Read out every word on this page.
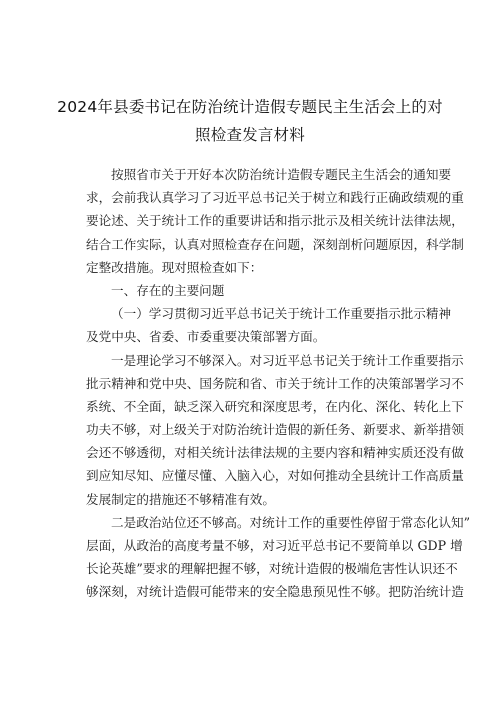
2024年县委书记在防治统计造假专题民主生活会上的对
照检查发言材料
按照省市关于开好本次防治统计造假专题民主生活会的通知要
求，会前我认真学习了习近平总书记关于树立和践行正确政绩观的重
要论述、关于统计工作的重要讲话和指示批示及相关统计法律法规，
结合工作实际，认真对照检查存在问题，深刻剖析问题原因，科学制
定整改措施。现对照检查如下：
一、存在的主要问题
（一）学习贯彻习近平总书记关于统计工作重要指示批示精神
及党中央、省委、市委重要决策部署方面。
一是理论学习不够深入。对习近平总书记关于统计工作重要指示
批示精神和党中央、国务院和省、市关于统计工作的决策部署学习不
系统、不全面，缺乏深入研究和深度思考，在内化、深化、转化上下
功夫不够，对上级关于对防治统计造假的新任务、新要求、新举措领
会还不够透彻，对相关统计法律法规的主要内容和精神实质还没有做
到应知尽知、应懂尽懂、入脑入心，对如何推动全县统计工作高质量
发展制定的措施还不够精准有效。
二是政治站位还不够高。对统计工作的重要性停留于常态化认知”
层面，从政治的高度考量不够，对习近平总书记不要简单以 GDP 增
长论英雄”要求的理解把握不够，对统计造假的极端危害性认识还不
够深刻，对统计造假可能带来的安全隐患预见性不够。把防治统计造
